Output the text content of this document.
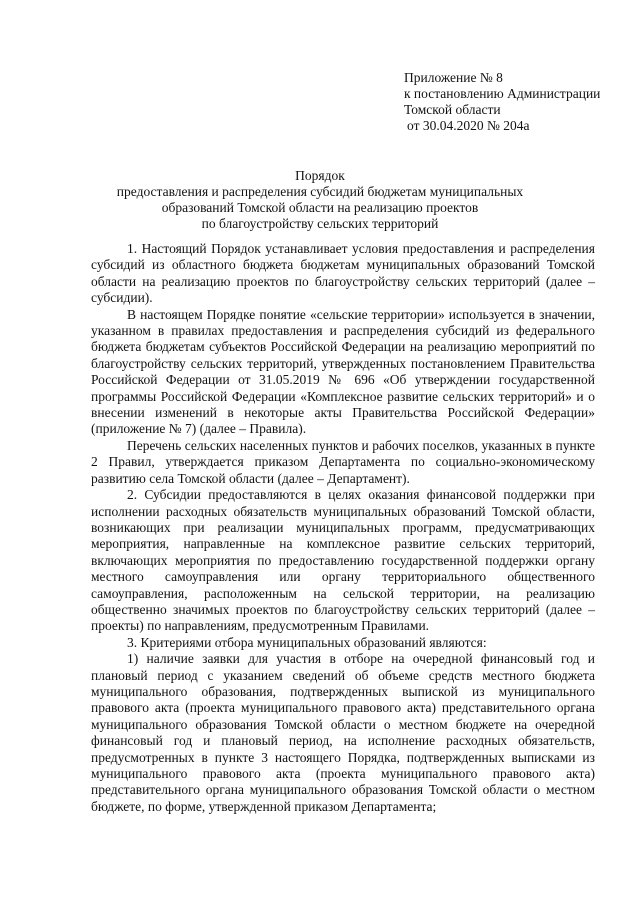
Приложение № 8
к постановлению Администрации
Томской области
от 30.04.2020 № 204а
Порядок
предоставления и распределения субсидий бюджетам муниципальных
образований Томской области на реализацию проектов
по благоустройству сельских территорий

1. Настоящий Порядок устанавливает условия предоставления и распределения субсидий из областного бюджета бюджетам муниципальных образований Томской области на реализацию проектов по благоустройству сельских территорий (далее – субсидии).

В настоящем Порядке понятие «сельские территории» используется в значении, указанном в правилах предоставления и распределения субсидий из федерального бюджета бюджетам субъектов Российской Федерации на реализацию мероприятий по благоустройству сельских территорий, утвержденных постановлением Правительства Российской Федерации от 31.05.2019 № 696 «Об утверждении государственной программы Российской Федерации «Комплексное развитие сельских территорий» и о внесении изменений в некоторые акты Правительства Российской Федерации» (приложение № 7) (далее – Правила).

Перечень сельских населенных пунктов и рабочих поселков, указанных в пункте 2 Правил, утверждается приказом Департамента по социально-экономическому развитию села Томской области (далее – Департамент).

2. Субсидии предоставляются в целях оказания финансовой поддержки при исполнении расходных обязательств муниципальных образований Томской области, возникающих при реализации муниципальных программ, предусматривающих мероприятия, направленные на комплексное развитие сельских территорий, включающих мероприятия по предоставлению государственной поддержки органу местного самоуправления или органу территориального общественного самоуправления, расположенным на сельской территории, на реализацию общественно значимых проектов по благоустройству сельских территорий (далее – проекты) по направлениям, предусмотренным Правилами.

3. Критериями отбора муниципальных образований являются:

1) наличие заявки для участия в отборе на очередной финансовый год и плановый период с указанием сведений об объеме средств местного бюджета муниципального образования, подтвержденных выпиской из муниципального правового акта (проекта муниципального правового акта) представительного органа муниципального образования Томской области о местном бюджете на очередной финансовый год и плановый период, на исполнение расходных обязательств, предусмотренных в пункте 3 настоящего Порядка, подтвержденных выписками из муниципального правового акта (проекта муниципального правового акта) представительного органа муниципального образования Томской области о местном бюджете, по форме, утвержденной приказом Департамента;
